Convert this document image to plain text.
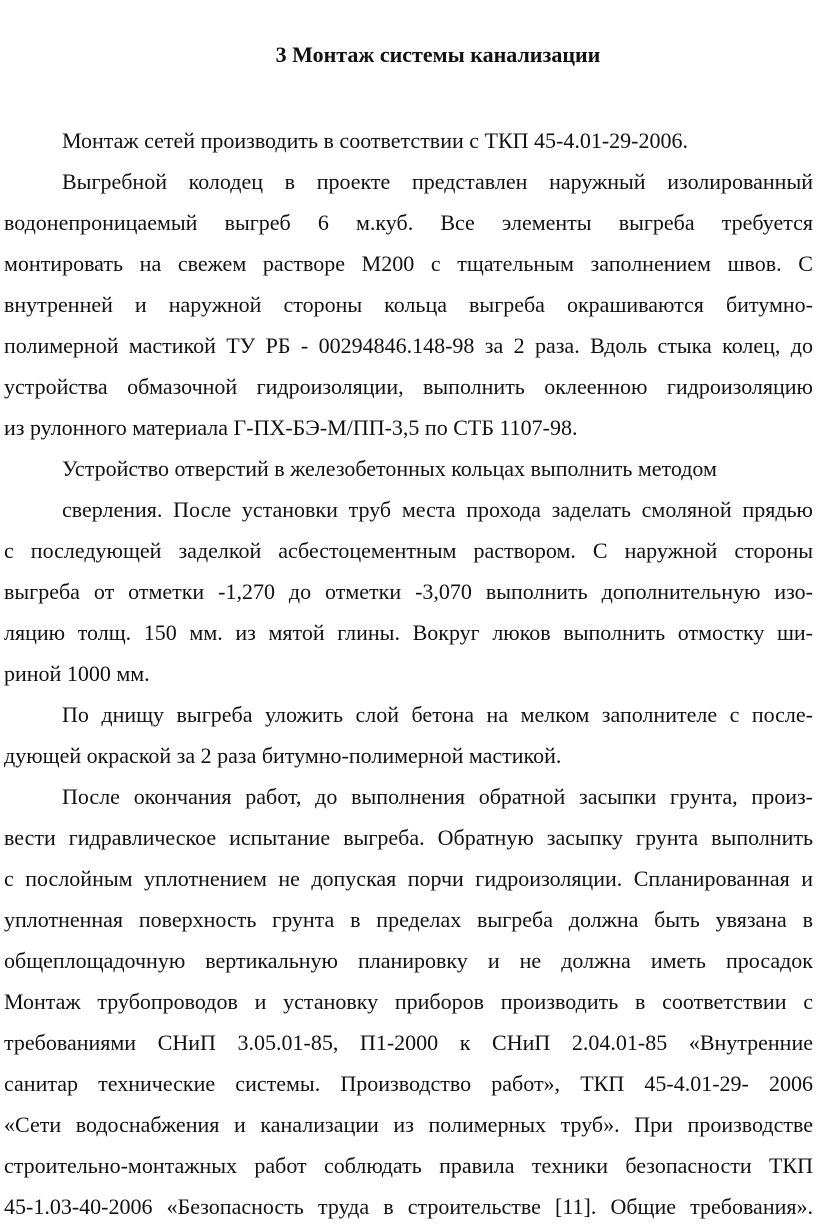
3 Монтаж системы канализации
Монтаж сетей производить в соответствии с ТКП 45-4.01-29-2006.
Выгребной колодец в проекте представлен наружный изолированный
водонепроницаемый выгреб 6 м.куб. Все элементы выгреба требуется
монтировать на свежем растворе М200 с тщательным заполнением швов. С
внутренней и наружной стороны кольца выгреба окрашиваются битумно-
полимерной мастикой ТУ РБ - 00294846.148-98 за 2 раза. Вдоль стыка колец, до
устройства обмазочной гидроизоляции, выполнить оклеенною гидроизоляцию
из рулонного материала Г-ПХ-БЭ-М/ПП-3,5 по СТБ 1107-98.
Устройство отверстий в железобетонных кольцах выполнить методом
сверления. После установки труб места прохода заделать смоляной прядью
с последующей заделкой асбестоцементным раствором. С наружной стороны
выгреба от отметки -1,270 до отметки -3,070 выполнить дополнительную изо-
ляцию толщ. 150 мм. из мятой глины. Вокруг люков выполнить отмостку ши-
риной 1000 мм.
По днищу выгреба уложить слой бетона на мелком заполнителе с после-
дующей окраской за 2 раза битумно-полимерной мастикой.
После окончания работ, до выполнения обратной засыпки грунта, произ-
вести гидравлическое испытание выгреба. Обратную засыпку грунта выполнить
с послойным уплотнением не допуская порчи гидроизоляции. Спланированная и
уплотненная поверхность грунта в пределах выгреба должна быть увязана в
общеплощадочную вертикальную планировку и не должна иметь просадок
Монтаж трубопроводов и установку приборов производить в соответствии с
требованиями СНиП 3.05.01-85, П1-2000 к СНиП 2.04.01-85 «Внутренние
санитар технические системы. Производство работ», ТКП 45-4.01-29- 2006
«Сети водоснабжения и канализации из полимерных труб». При производстве
строительно-монтажных работ соблюдать правила техники безопасности ТКП
45-1.03-40-2006 «Безопасность труда в строительстве [11]. Общие требования».
